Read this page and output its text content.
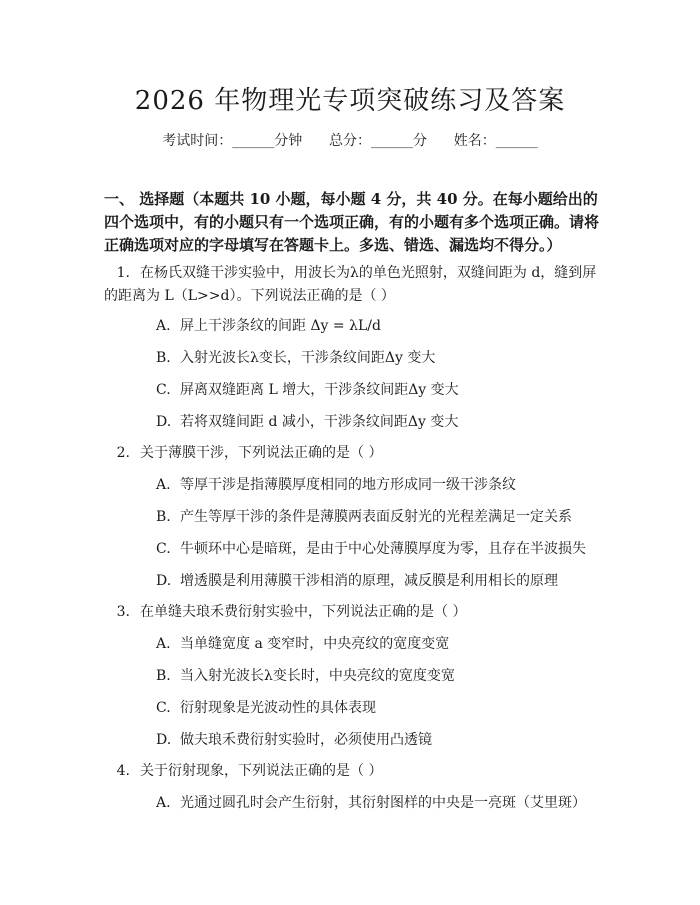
2026 年物理光专项突破练习及答案
考试时间：______分钟      总分：______分      姓名：______
一、 选择题（本题共 10 小题，每小题 4 分，共 40 分。在每小题给出的四个选项中，有的小题只有一个选项正确，有的小题有多个选项正确。请将正确选项对应的字母填写在答题卡上。多选、错选、漏选均不得分。）
1. 在杨氏双缝干涉实验中，用波长为λ的单色光照射，双缝间距为 d，缝到屏的距离为 L（L>>d）。下列说法正确的是（ ）
A. 屏上干涉条纹的间距 Δy = λL/d
B. 入射光波长λ变长，干涉条纹间距Δy 变大
C. 屏离双缝距离 L 增大，干涉条纹间距Δy 变大
D. 若将双缝间距 d 减小，干涉条纹间距Δy 变大
2. 关于薄膜干涉，下列说法正确的是（ ）
A. 等厚干涉是指薄膜厚度相同的地方形成同一级干涉条纹
B. 产生等厚干涉的条件是薄膜两表面反射光的光程差满足一定关系
C. 牛顿环中心是暗斑，是由于中心处薄膜厚度为零，且存在半波损失
D. 增透膜是利用薄膜干涉相消的原理，减反膜是利用相长的原理
3. 在单缝夫琅禾费衍射实验中，下列说法正确的是（ ）
A. 当单缝宽度 a 变窄时，中央亮纹的宽度变宽
B. 当入射光波长λ变长时，中央亮纹的宽度变宽
C. 衍射现象是光波动性的具体表现
D. 做夫琅禾费衍射实验时，必须使用凸透镜
4. 关于衍射现象，下列说法正确的是（ ）
A. 光通过圆孔时会产生衍射，其衍射图样的中央是一亮斑（艾里斑）
